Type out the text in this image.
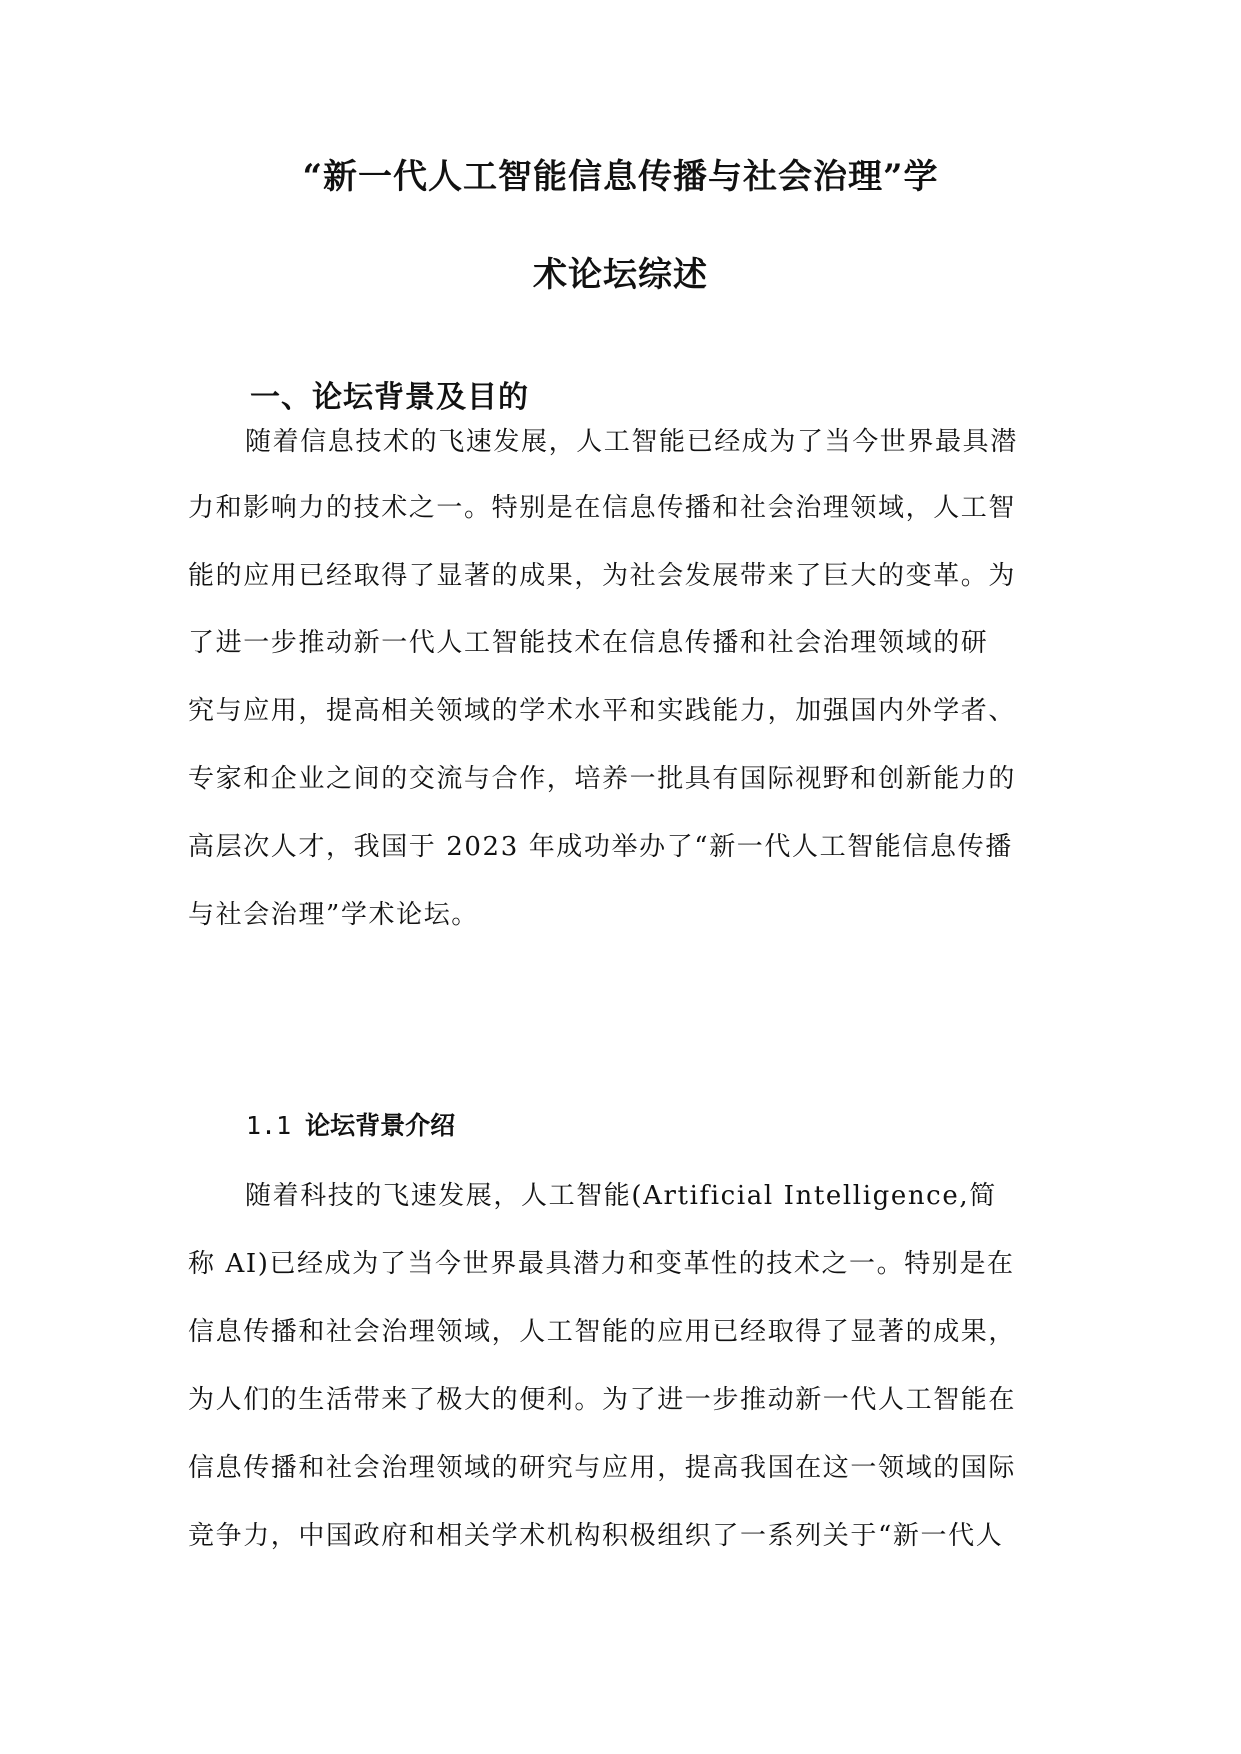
“新一代人工智能信息传播与社会治理”学
术论坛综述
一、论坛背景及目的
随着信息技术的飞速发展，人工智能已经成为了当今世界最具潜
力和影响力的技术之一。特别是在信息传播和社会治理领域，人工智
能的应用已经取得了显著的成果，为社会发展带来了巨大的变革。为
了进一步推动新一代人工智能技术在信息传播和社会治理领域的研
究与应用，提高相关领域的学术水平和实践能力，加强国内外学者、
专家和企业之间的交流与合作，培养一批具有国际视野和创新能力的
高层次人才，我国于 2023 年成功举办了“新一代人工智能信息传播
与社会治理”学术论坛。
1.1 论坛背景介绍
随着科技的飞速发展，人工智能(Artificial Intelligence,简
称 AI)已经成为了当今世界最具潜力和变革性的技术之一。特别是在
信息传播和社会治理领域，人工智能的应用已经取得了显著的成果，
为人们的生活带来了极大的便利。为了进一步推动新一代人工智能在
信息传播和社会治理领域的研究与应用，提高我国在这一领域的国际
竞争力，中国政府和相关学术机构积极组织了一系列关于“新一代人
